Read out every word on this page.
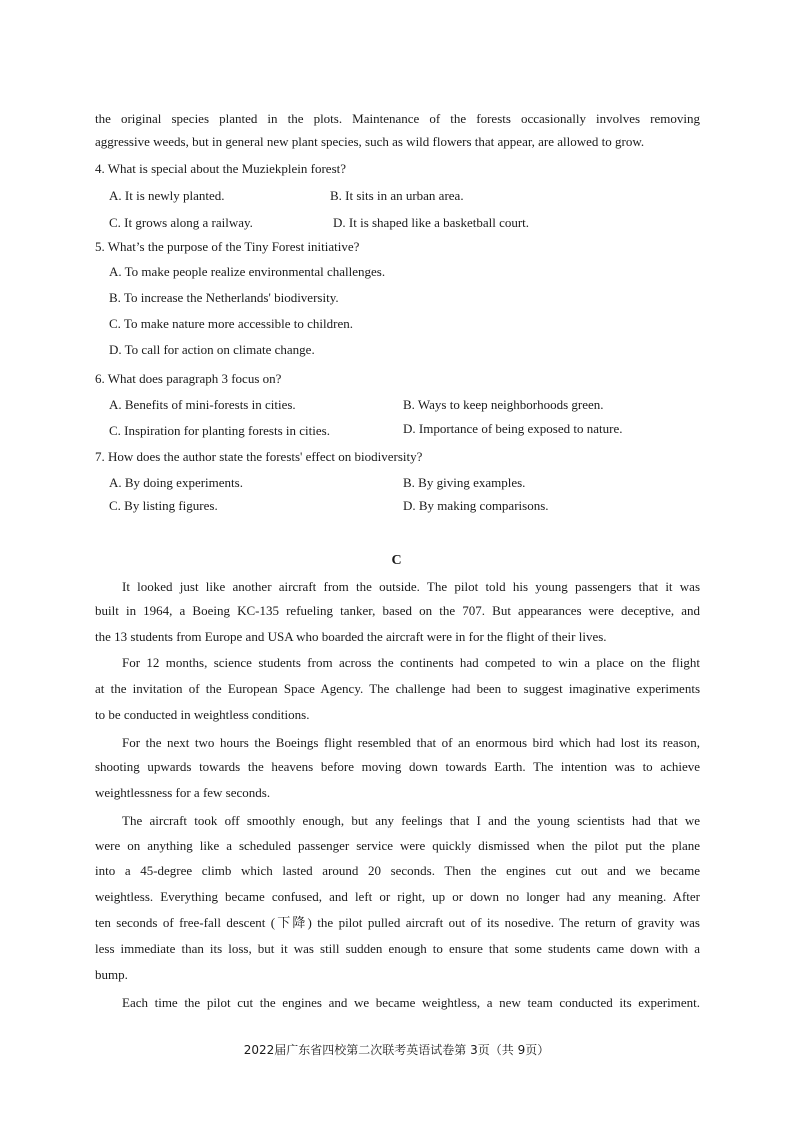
the original species planted in the plots. Maintenance of the forests occasionally involves removing
aggressive weeds, but in general new plant species, such as wild flowers that appear, are allowed to grow.
4. What is special about the Muziekplein forest?
A. It is newly planted.	B. It sits in an urban area.
C. It grows along a railway.	D. It is shaped like a basketball court.
5. What’s the purpose of the Tiny Forest initiative?
A. To make people realize environmental challenges.
B. To increase the Netherlands' biodiversity.
C. To make nature more accessible to children.
D. To call for action on climate change.
6. What does paragraph 3 focus on?
A. Benefits of mini-forests in cities.	B. Ways to keep neighborhoods green.
C. Inspiration for planting forests in cities.	D. Importance of being exposed to nature.
7. How does the author state the forests' effect on biodiversity?
A. By doing experiments.	B. By giving examples.
C. By listing figures.	D. By making comparisons.
C
It looked just like another aircraft from the outside. The pilot told his young passengers that it was
built in 1964, a Boeing KC-135 refueling tanker, based on the 707. But appearances were deceptive, and
the 13 students from Europe and USA who boarded the aircraft were in for the flight of their lives.
For 12 months, science students from across the continents had competed to win a place on the flight
at the invitation of the European Space Agency. The challenge had been to suggest imaginative experiments
to be conducted in weightless conditions.
For the next two hours the Boeings flight resembled that of an enormous bird which had lost its reason,
shooting upwards towards the heavens before moving down towards Earth. The intention was to achieve
weightlessness for a few seconds.
The aircraft took off smoothly enough, but any feelings that I and the young scientists had that we
were on anything like a scheduled passenger service were quickly dismissed when the pilot put the plane
into a 45-degree climb which lasted around 20 seconds. Then the engines cut out and we became
weightless. Everything became confused, and left or right, up or down no longer had any meaning. After
ten seconds of free-fall descent (下降) the pilot pulled aircraft out of its nosedive. The return of gravity was
less immediate than its loss, but it was still sudden enough to ensure that some students came down with a
bump.
Each time the pilot cut the engines and we became weightless, a new team conducted its experiment.
2022届广东省四校第二次联考英语试卷第 3页（共 9页）
